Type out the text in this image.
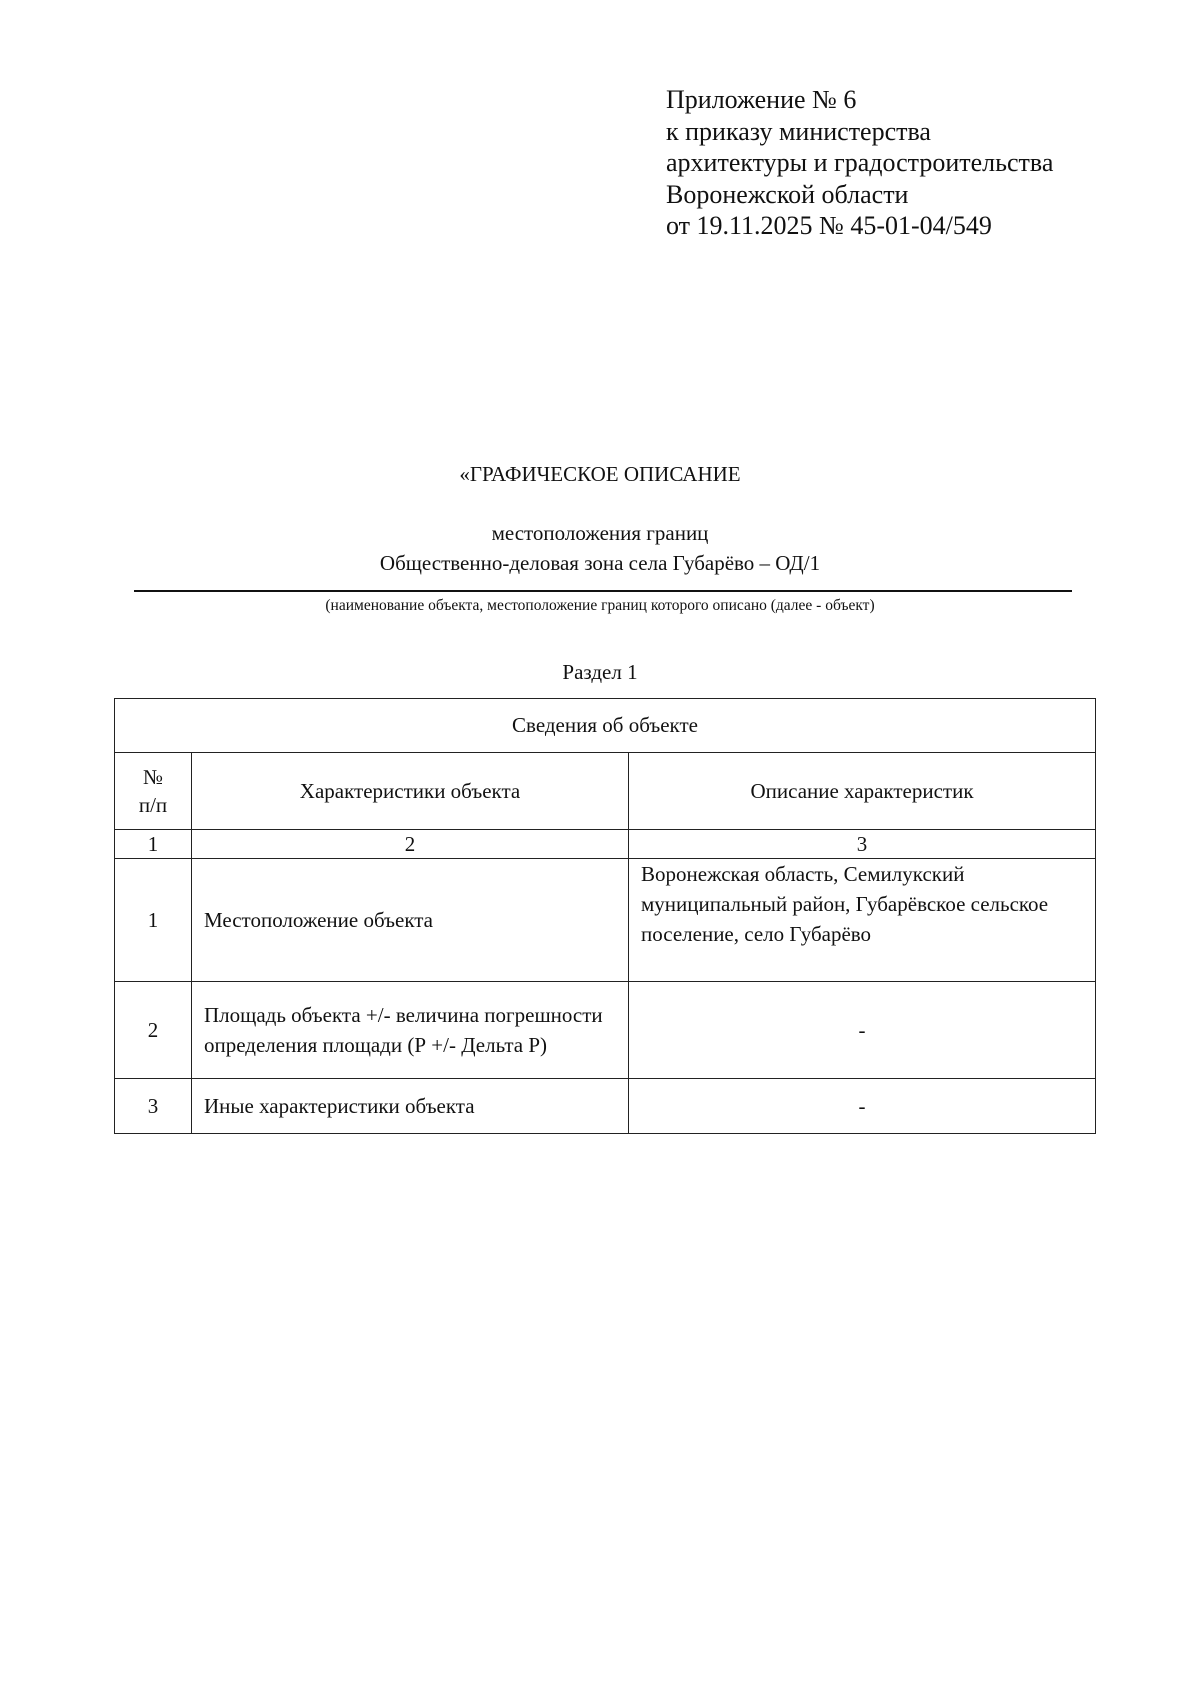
Приложение № 6
к приказу министерства
архитектуры и градостроительства
Воронежской области
от 19.11.2025 № 45-01-04/549
«ГРАФИЧЕСКОЕ ОПИСАНИЕ
местоположения границ
Общественно-деловая зона села Губарёво – ОД/1
(наименование объекта, местоположение границ которого описано (далее - объект)
Раздел 1
Сведения об объекте		

№
п/п	Характеристики объекта	Описание характеристик
1	2	3
1	Местоположение объекта	Воронежская область, Семилукский муниципальный район, Губарёвское сельское поселение, село Губарёво
2	Площадь объекта +/- величина погрешности определения площади (Р +/- Дельта Р)	-
3	Иные характеристики объекта	-
